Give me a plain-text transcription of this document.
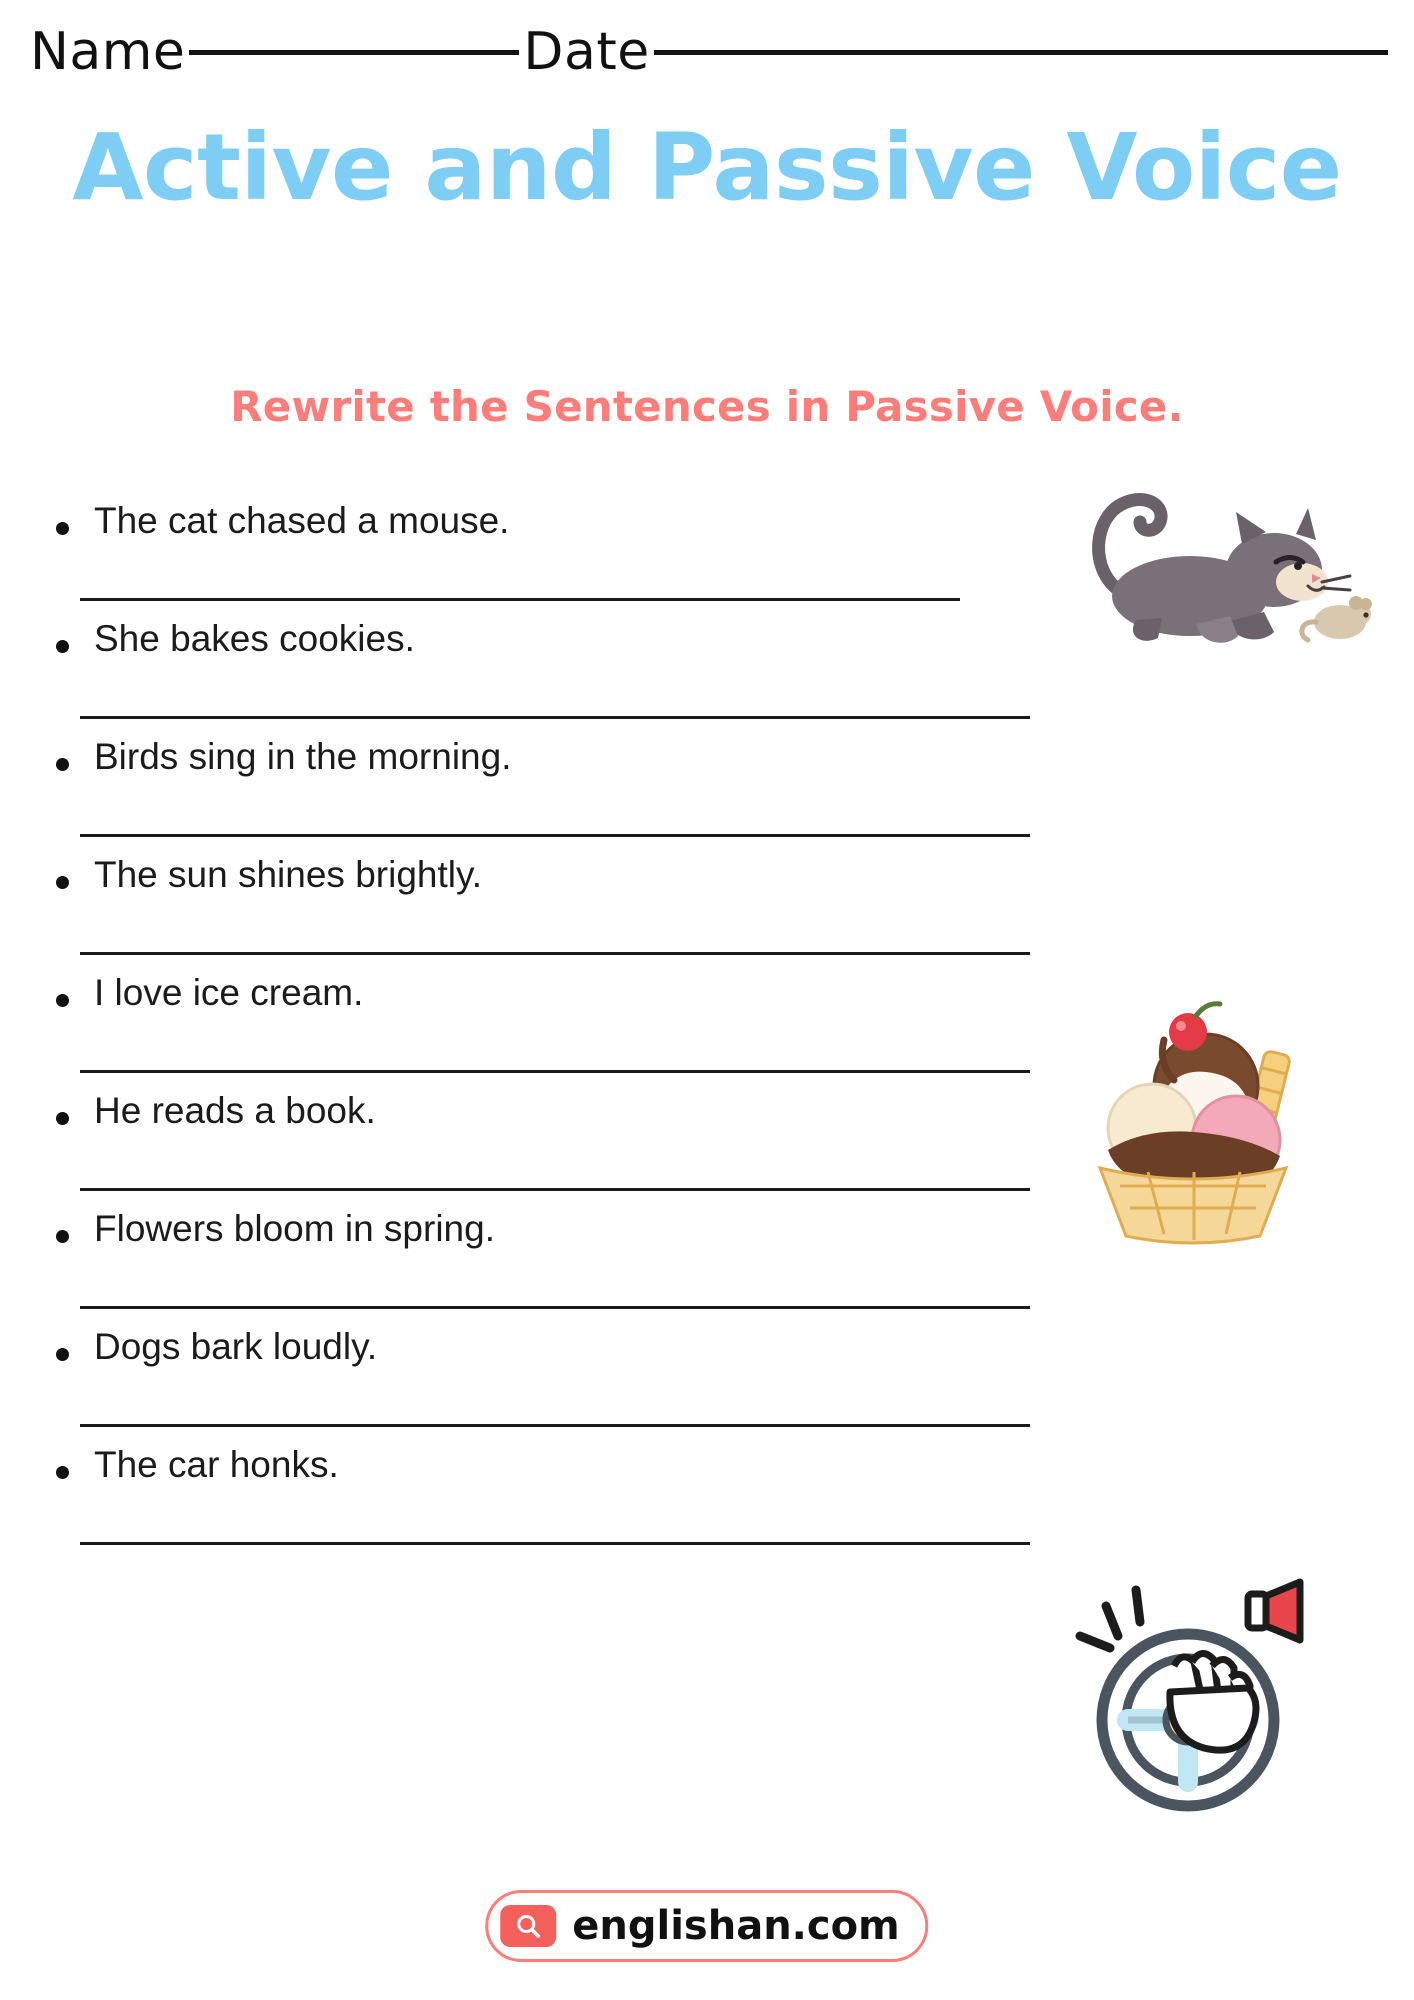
Name	Date
Active and Passive Voice
Rewrite the Sentences in Passive Voice.
The cat chased a mouse.
She bakes cookies.
Birds sing in the morning.
The sun shines brightly.
I love ice cream.
He reads a book.
Flowers bloom in spring.
Dogs bark loudly.
The car honks.
englishan.com
